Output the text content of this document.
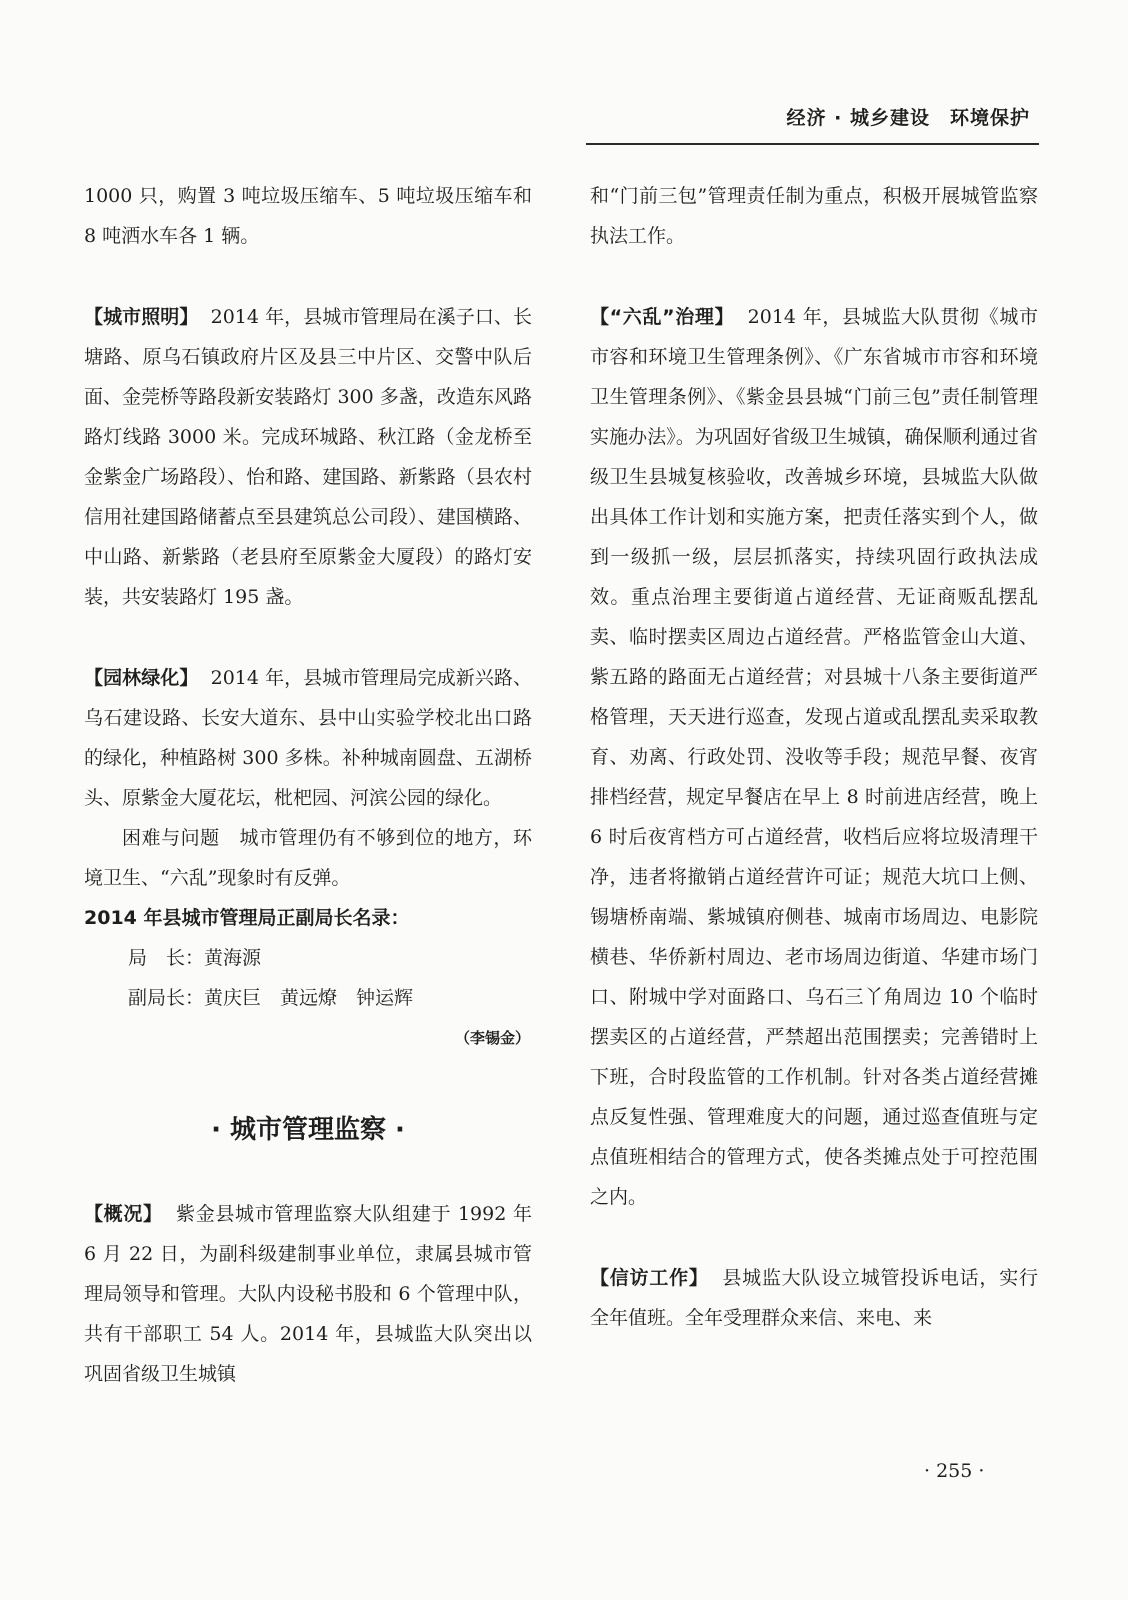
经济 · 城乡建设　环境保护

1000 只，购置 3 吨垃圾压缩车、5 吨垃圾压缩车和 8 吨洒水车各 1 辆。

【城市照明】 2014 年，县城市管理局在溪子口、长塘路、原乌石镇政府片区及县三中片区、交警中队后面、金莞桥等路段新安装路灯 300 多盏，改造东风路路灯线路 3000 米。完成环城路、秋江路（金龙桥至金紫金广场路段）、怡和路、建国路、新紫路（县农村信用社建国路储蓄点至县建筑总公司段）、建国横路、中山路、新紫路（老县府至原紫金大厦段）的路灯安装，共安装路灯 195 盏。

【园林绿化】 2014 年，县城市管理局完成新兴路、乌石建设路、长安大道东、县中山实验学校北出口路的绿化，种植路树 300 多株。补种城南圆盘、五湖桥头、原紫金大厦花坛，枇杷园、河滨公园的绿化。

困难与问题 城市管理仍有不够到位的地方，环境卫生、“六乱”现象时有反弹。

2014 年县城市管理局正副局长名录：

局　长：黄海源

副局长：黄庆巨　黄远燎　钟运辉

（李锡金）

· 城市管理监察 ·

【概况】 紫金县城市管理监察大队组建于 1992 年 6 月 22 日，为副科级建制事业单位，隶属县城市管理局领导和管理。大队内设秘书股和 6 个管理中队，共有干部职工 54 人。2014 年，县城监大队突出以巩固省级卫生城镇

和“门前三包”管理责任制为重点，积极开展城管监察执法工作。

【“六乱”治理】 2014 年，县城监大队贯彻《城市市容和环境卫生管理条例》、《广东省城市市容和环境卫生管理条例》、《紫金县县城“门前三包”责任制管理实施办法》。为巩固好省级卫生城镇，确保顺利通过省级卫生县城复核验收，改善城乡环境，县城监大队做出具体工作计划和实施方案，把责任落实到个人，做到一级抓一级，层层抓落实，持续巩固行政执法成效。重点治理主要街道占道经营、无证商贩乱摆乱卖、临时摆卖区周边占道经营。严格监管金山大道、紫五路的路面无占道经营；对县城十八条主要街道严格管理，天天进行巡查，发现占道或乱摆乱卖采取教育、劝离、行政处罚、没收等手段；规范早餐、夜宵排档经营，规定早餐店在早上 8 时前进店经营，晚上 6 时后夜宵档方可占道经营，收档后应将垃圾清理干净，违者将撤销占道经营许可证；规范大坑口上侧、锡塘桥南端、紫城镇府侧巷、城南市场周边、电影院横巷、华侨新村周边、老市场周边街道、华建市场门口、附城中学对面路口、乌石三丫角周边 10 个临时摆卖区的占道经营，严禁超出范围摆卖；完善错时上下班，合时段监管的工作机制。针对各类占道经营摊点反复性强、管理难度大的问题，通过巡查值班与定点值班相结合的管理方式，使各类摊点处于可控范围之内。

【信访工作】 县城监大队设立城管投诉电话，实行全年值班。全年受理群众来信、来电、来

· 255 ·
